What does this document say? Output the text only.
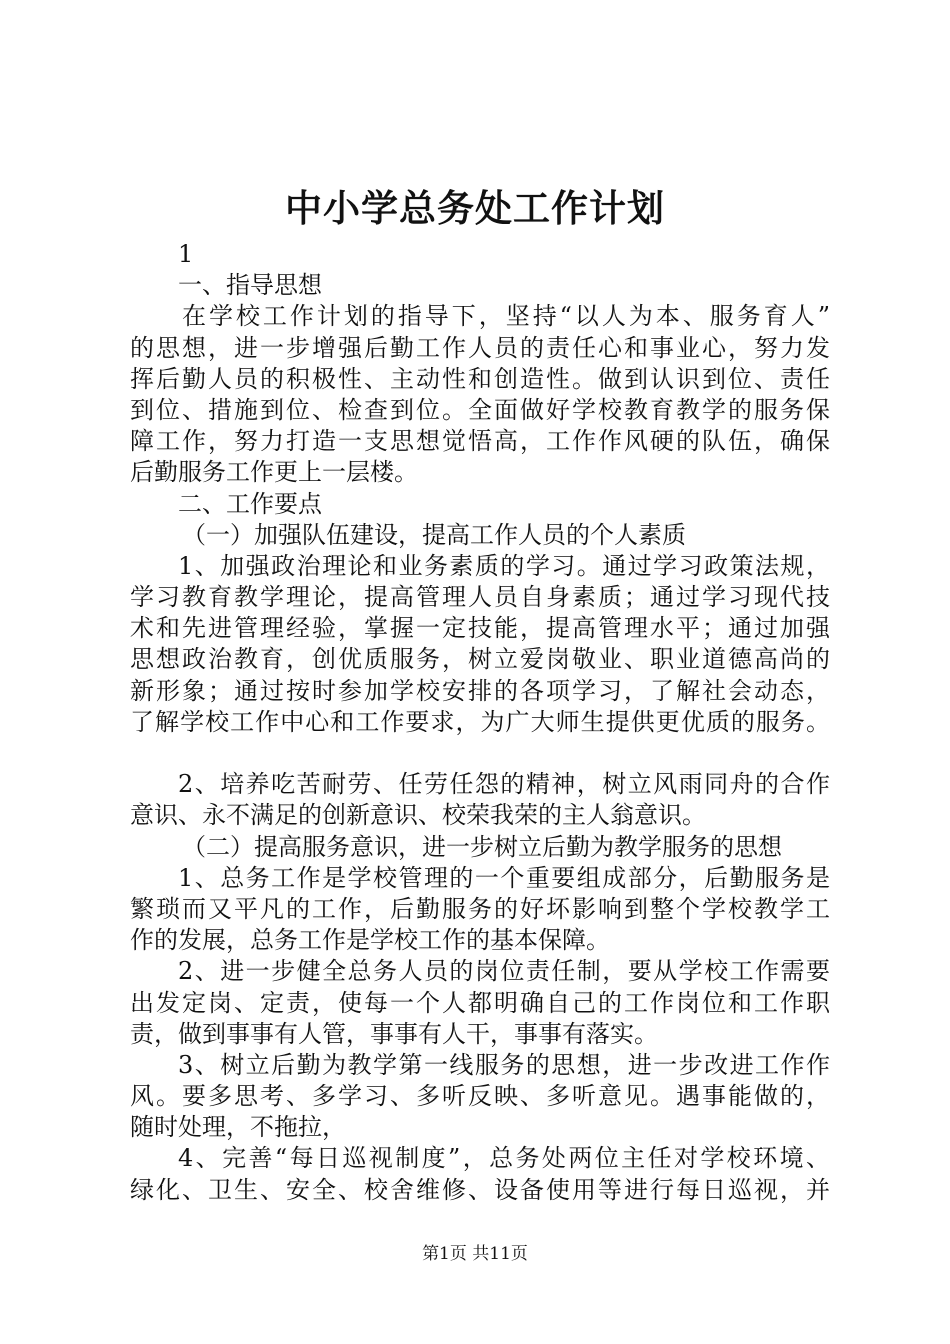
中小学总务处工作计划
1
一、指导思想
在学校工作计划的指导下，坚持“以人为本、服务育人”
的思想，进一步增强后勤工作人员的责任心和事业心，努力发
挥后勤人员的积极性、主动性和创造性。做到认识到位、责任
到位、措施到位、检查到位。全面做好学校教育教学的服务保
障工作，努力打造一支思想觉悟高，工作作风硬的队伍，确保
后勤服务工作更上一层楼。
二、工作要点
（一）加强队伍建设，提高工作人员的个人素质
1、加强政治理论和业务素质的学习。通过学习政策法规，
学习教育教学理论，提高管理人员自身素质；通过学习现代技
术和先进管理经验，掌握一定技能，提高管理水平；通过加强
思想政治教育，创优质服务，树立爱岗敬业、职业道德高尚的
新形象；通过按时参加学校安排的各项学习，了解社会动态，
了解学校工作中心和工作要求，为广大师生提供更优质的服务。
2、培养吃苦耐劳、任劳任怨的精神，树立风雨同舟的合作
意识、永不满足的创新意识、校荣我荣的主人翁意识。
（二）提高服务意识，进一步树立后勤为教学服务的思想
1、总务工作是学校管理的一个重要组成部分，后勤服务是
繁琐而又平凡的工作，后勤服务的好坏影响到整个学校教学工
作的发展，总务工作是学校工作的基本保障。
2、进一步健全总务人员的岗位责任制，要从学校工作需要
出发定岗、定责，使每一个人都明确自己的工作岗位和工作职
责，做到事事有人管，事事有人干，事事有落实。
3、树立后勤为教学第一线服务的思想，进一步改进工作作
风。要多思考、多学习、多听反映、多听意见。遇事能做的，
随时处理，不拖拉，
4、完善“每日巡视制度”，总务处两位主任对学校环境、
绿化、卫生、安全、校舍维修、设备使用等进行每日巡视，并
第1页 共11页
